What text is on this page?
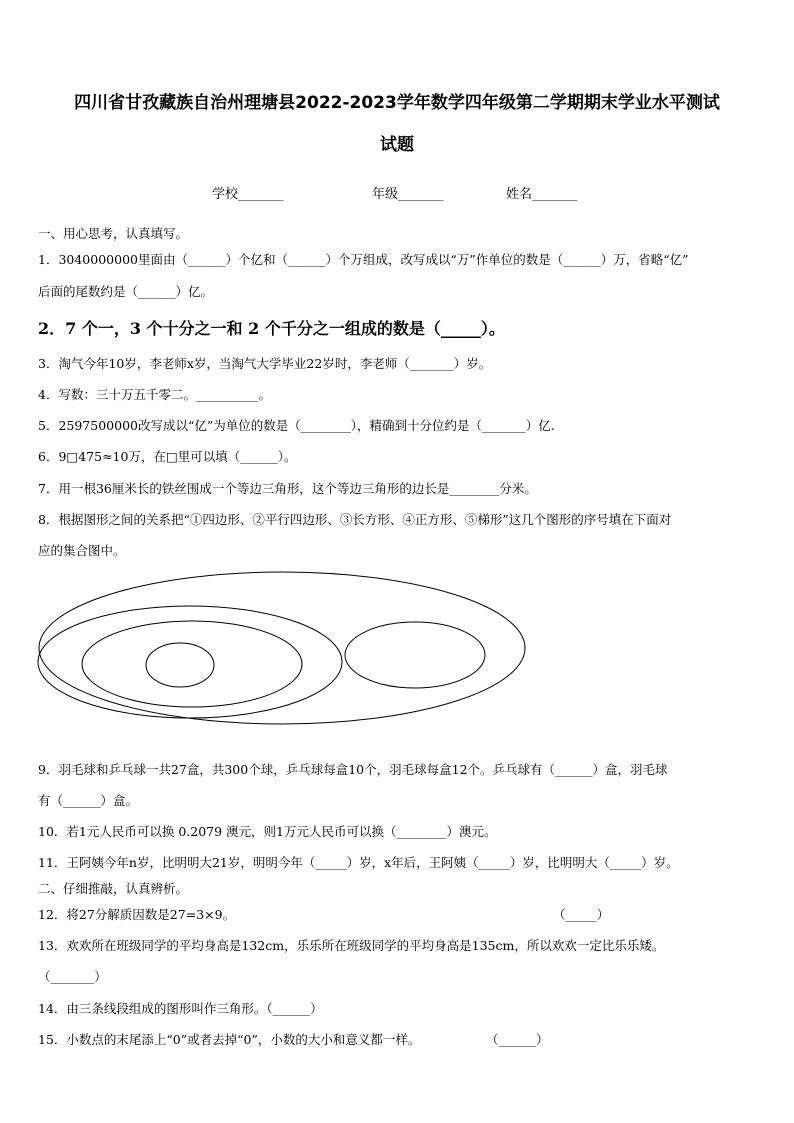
四川省甘孜藏族自治州理塘县2022-2023学年数学四年级第二学期期末学业水平测试
试题
学校_______	年级_______	姓名_______
一、用心思考，认真填写。
1．3040000000里面由（______）个亿和（______）个万组成，改写成以“万”作单位的数是（______）万，省略“亿”
后面的尾数约是（______）亿。
2．7 个一，3 个十分之一和 2 个千分之一组成的数是（_____）。
3．淘气今年10岁，李老师x岁，当淘气大学毕业22岁时，李老师（_______）岁。
4．写数：三十万五千零二。__________。
5．2597500000改写成以“亿”为单位的数是（________），精确到十分位约是（_______）亿.
6．9□475≈10万，在□里可以填（______）。
7．用一根36厘米长的铁丝围成一个等边三角形，这个等边三角形的边长是________分米。
8．根据图形之间的关系把“①四边形、②平行四边形、③长方形、④正方形、⑤梯形”这几个图形的序号填在下面对
应的集合图中。
9．羽毛球和乒乓球一共27盒，共300个球，乒乓球每盒10个，羽毛球每盒12个。乒乓球有（______）盒，羽毛球
有（______）盒。
10．若1元人民币可以换 0.2079 澳元，则1万元人民币可以换（________）澳元。
11．王阿姨今年n岁，比明明大21岁，明明今年（_____）岁，x年后，王阿姨（_____）岁，比明明大（_____）岁。
二、仔细推敲，认真辨析。
12．将27分解质因数是27=3×9。	（_____）
13．欢欢所在班级同学的平均身高是132cm，乐乐所在班级同学的平均身高是135cm，所以欢欢一定比乐乐矮。
（_______）
14．由三条线段组成的图形叫作三角形。（______）
15．小数点的末尾添上“0”或者去掉“0”，小数的大小和意义都一样。	（______）
